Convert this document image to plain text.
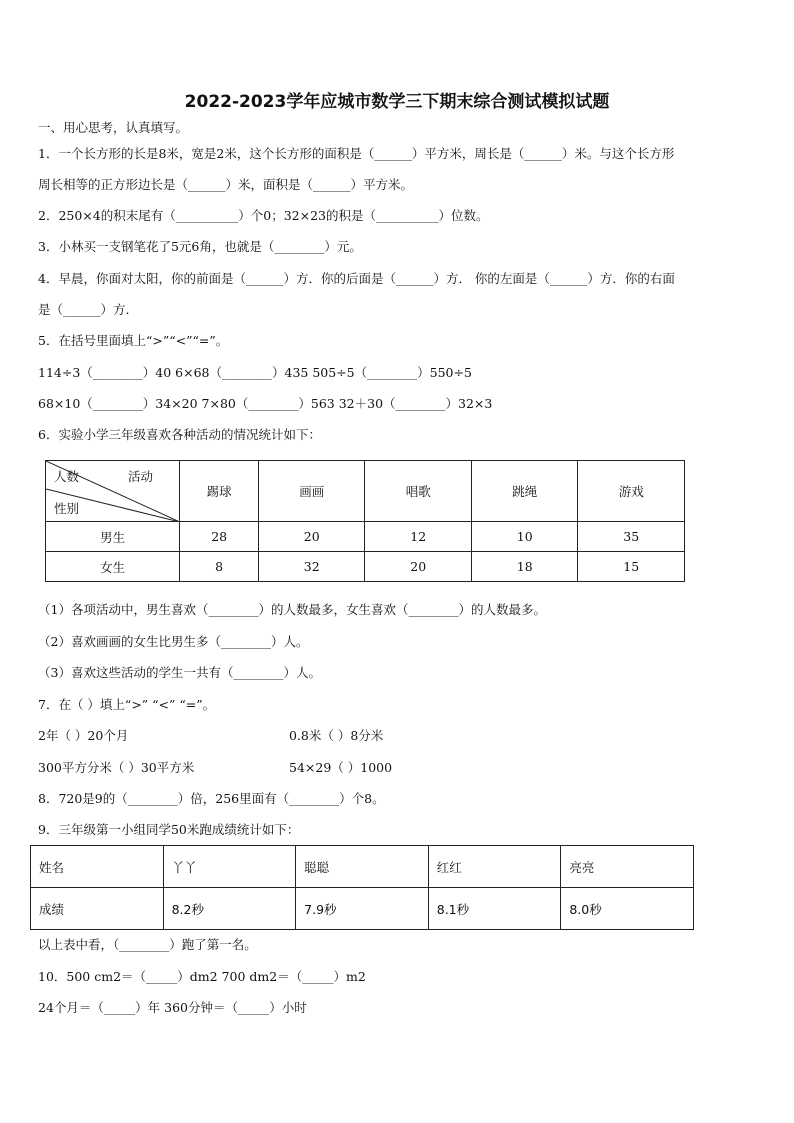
2022-2023学年应城市数学三下期末综合测试模拟试题
一、用心思考，认真填写。
1．一个长方形的长是8米，宽是2米，这个长方形的面积是（______）平方米，周长是（______）米。与这个长方形
周长相等的正方形边长是（______）米，面积是（______）平方米。
2．250×4的积末尾有（__________）个0；32×23的积是（__________）位数。
3．小林买一支钢笔花了5元6角，也就是（________）元。
4．早晨，你面对太阳，你的前面是（______）方．你的后面是（______）方． 你的左面是（______）方．你的右面
是（______）方.
5．在括号里面填上“>”“<”“=”。
114÷3（________）40 6×68（________）435 505÷5（________）550÷5
68×10（________）34×20 7×80（________）563 32＋30（________）32×3
6．实验小学三年级喜欢各种活动的情况统计如下：
人数 活动
性别	踢球	画画	唱歌	跳绳	游戏
男生	28	20	12	10	35
女生	8	32	20	18	15
（1）各项活动中，男生喜欢（________）的人数最多，女生喜欢（________）的人数最多。
（2）喜欢画画的女生比男生多（________）人。
（3）喜欢这些活动的学生一共有（________）人。
7．在（ ）填上“>” “<” “=”。
2年（ ）20个月	0.8米（ ）8分米
300平方分米（ ）30平方米	54×29（ ）1000
8．720是9的（________）倍，256里面有（________）个8。
9．三年级第一小组同学50米跑成绩统计如下：
姓名	丫丫	聪聪	红红	亮亮
成绩	8.2秒	7.9秒	8.1秒	8.0秒
以上表中看，（________）跑了第一名。
10．500 cm2＝（_____）dm2 700 dm2＝（_____）m2
24个月＝（_____）年 360分钟＝（_____）小时
